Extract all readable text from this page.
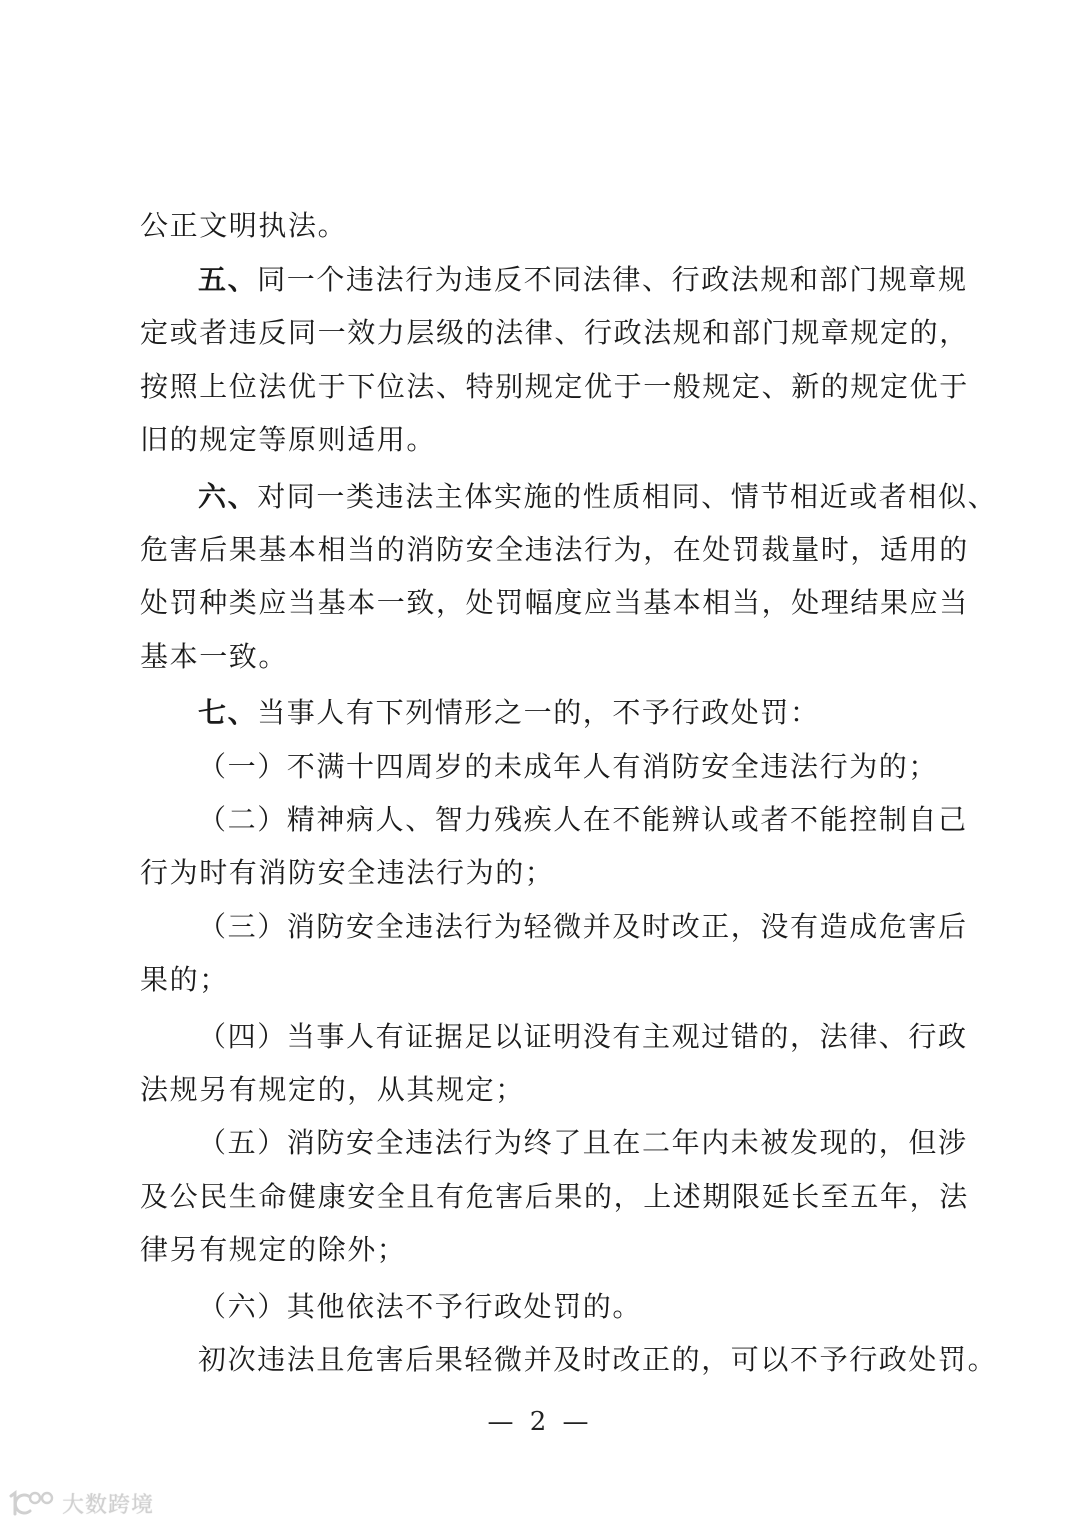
公正文明执法。
五、同一个违法行为违反不同法律、行政法规和部门规章规
定或者违反同一效力层级的法律、行政法规和部门规章规定的，
按照上位法优于下位法、特别规定优于一般规定、新的规定优于
旧的规定等原则适用。
六、对同一类违法主体实施的性质相同、情节相近或者相似、
危害后果基本相当的消防安全违法行为，在处罚裁量时，适用的
处罚种类应当基本一致，处罚幅度应当基本相当，处理结果应当
基本一致。
七、当事人有下列情形之一的，不予行政处罚：
（一）不满十四周岁的未成年人有消防安全违法行为的；
（二）精神病人、智力残疾人在不能辨认或者不能控制自己
行为时有消防安全违法行为的；
（三）消防安全违法行为轻微并及时改正，没有造成危害后
果的；
（四）当事人有证据足以证明没有主观过错的，法律、行政
法规另有规定的，从其规定；
（五）消防安全违法行为终了且在二年内未被发现的，但涉
及公民生命健康安全且有危害后果的，上述期限延长至五年，法
律另有规定的除外；
（六）其他依法不予行政处罚的。
初次违法且危害后果轻微并及时改正的，可以不予行政处罚。
— 2 —
大数跨境
